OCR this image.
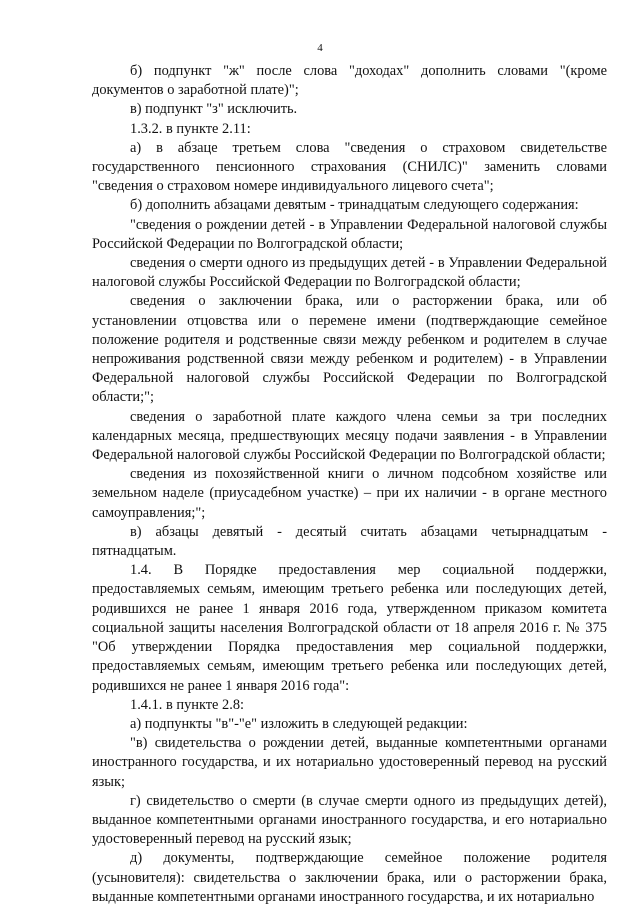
4

б) подпункт "ж" после слова "доходах" дополнить словами "(кроме документов о заработной плате)";

в) подпункт "з" исключить.

1.3.2. в пункте 2.11:

а) в абзаце третьем слова "сведения о страховом свидетельстве государственного пенсионного страхования (СНИЛС)" заменить словами "сведения о страховом номере индивидуального лицевого счета";

б) дополнить абзацами девятым - тринадцатым следующего содержания:

"сведения о рождении детей - в Управлении Федеральной налоговой службы Российской Федерации по Волгоградской области;

сведения о смерти одного из предыдущих детей - в Управлении Федеральной налоговой службы Российской Федерации по Волгоградской области;

сведения о заключении брака, или о расторжении брака, или об установлении отцовства или о перемене имени (подтверждающие семейное положение родителя и родственные связи между ребенком и родителем в случае непроживания родственной связи между ребенком и родителем) - в Управлении Федеральной налоговой службы Российской Федерации по Волгоградской области;";

сведения о заработной плате каждого члена семьи за три последних календарных месяца, предшествующих месяцу подачи заявления - в Управлении Федеральной налоговой службы Российской Федерации по Волгоградской области;

сведения из похозяйственной книги о личном подсобном хозяйстве или земельном наделе (приусадебном участке) – при их наличии - в органе местного самоуправления;";

в) абзацы девятый - десятый считать абзацами четырнадцатым - пятнадцатым.

1.4. В Порядке предоставления мер социальной поддержки, предоставляемых семьям, имеющим третьего ребенка или последующих детей, родившихся не ранее 1 января 2016 года, утвержденном приказом комитета социальной защиты населения Волгоградской области от 18 апреля 2016 г. № 375 "Об утверждении Порядка предоставления мер социальной поддержки, предоставляемых семьям, имеющим третьего ребенка или последующих детей, родившихся не ранее 1 января 2016 года":

1.4.1. в пункте 2.8:

а) подпункты "в"-"е" изложить в следующей редакции:

"в) свидетельства о рождении детей, выданные компетентными органами иностранного государства, и их нотариально удостоверенный перевод на русский язык;

г) свидетельство о смерти (в случае смерти одного из предыдущих детей), выданное компетентными органами иностранного государства, и его нотариально удостоверенный перевод на русский язык;

д) документы, подтверждающие семейное положение родителя (усыновителя): свидетельства о заключении брака, или о расторжении брака, выданные компетентными органами иностранного государства, и их нотариально
